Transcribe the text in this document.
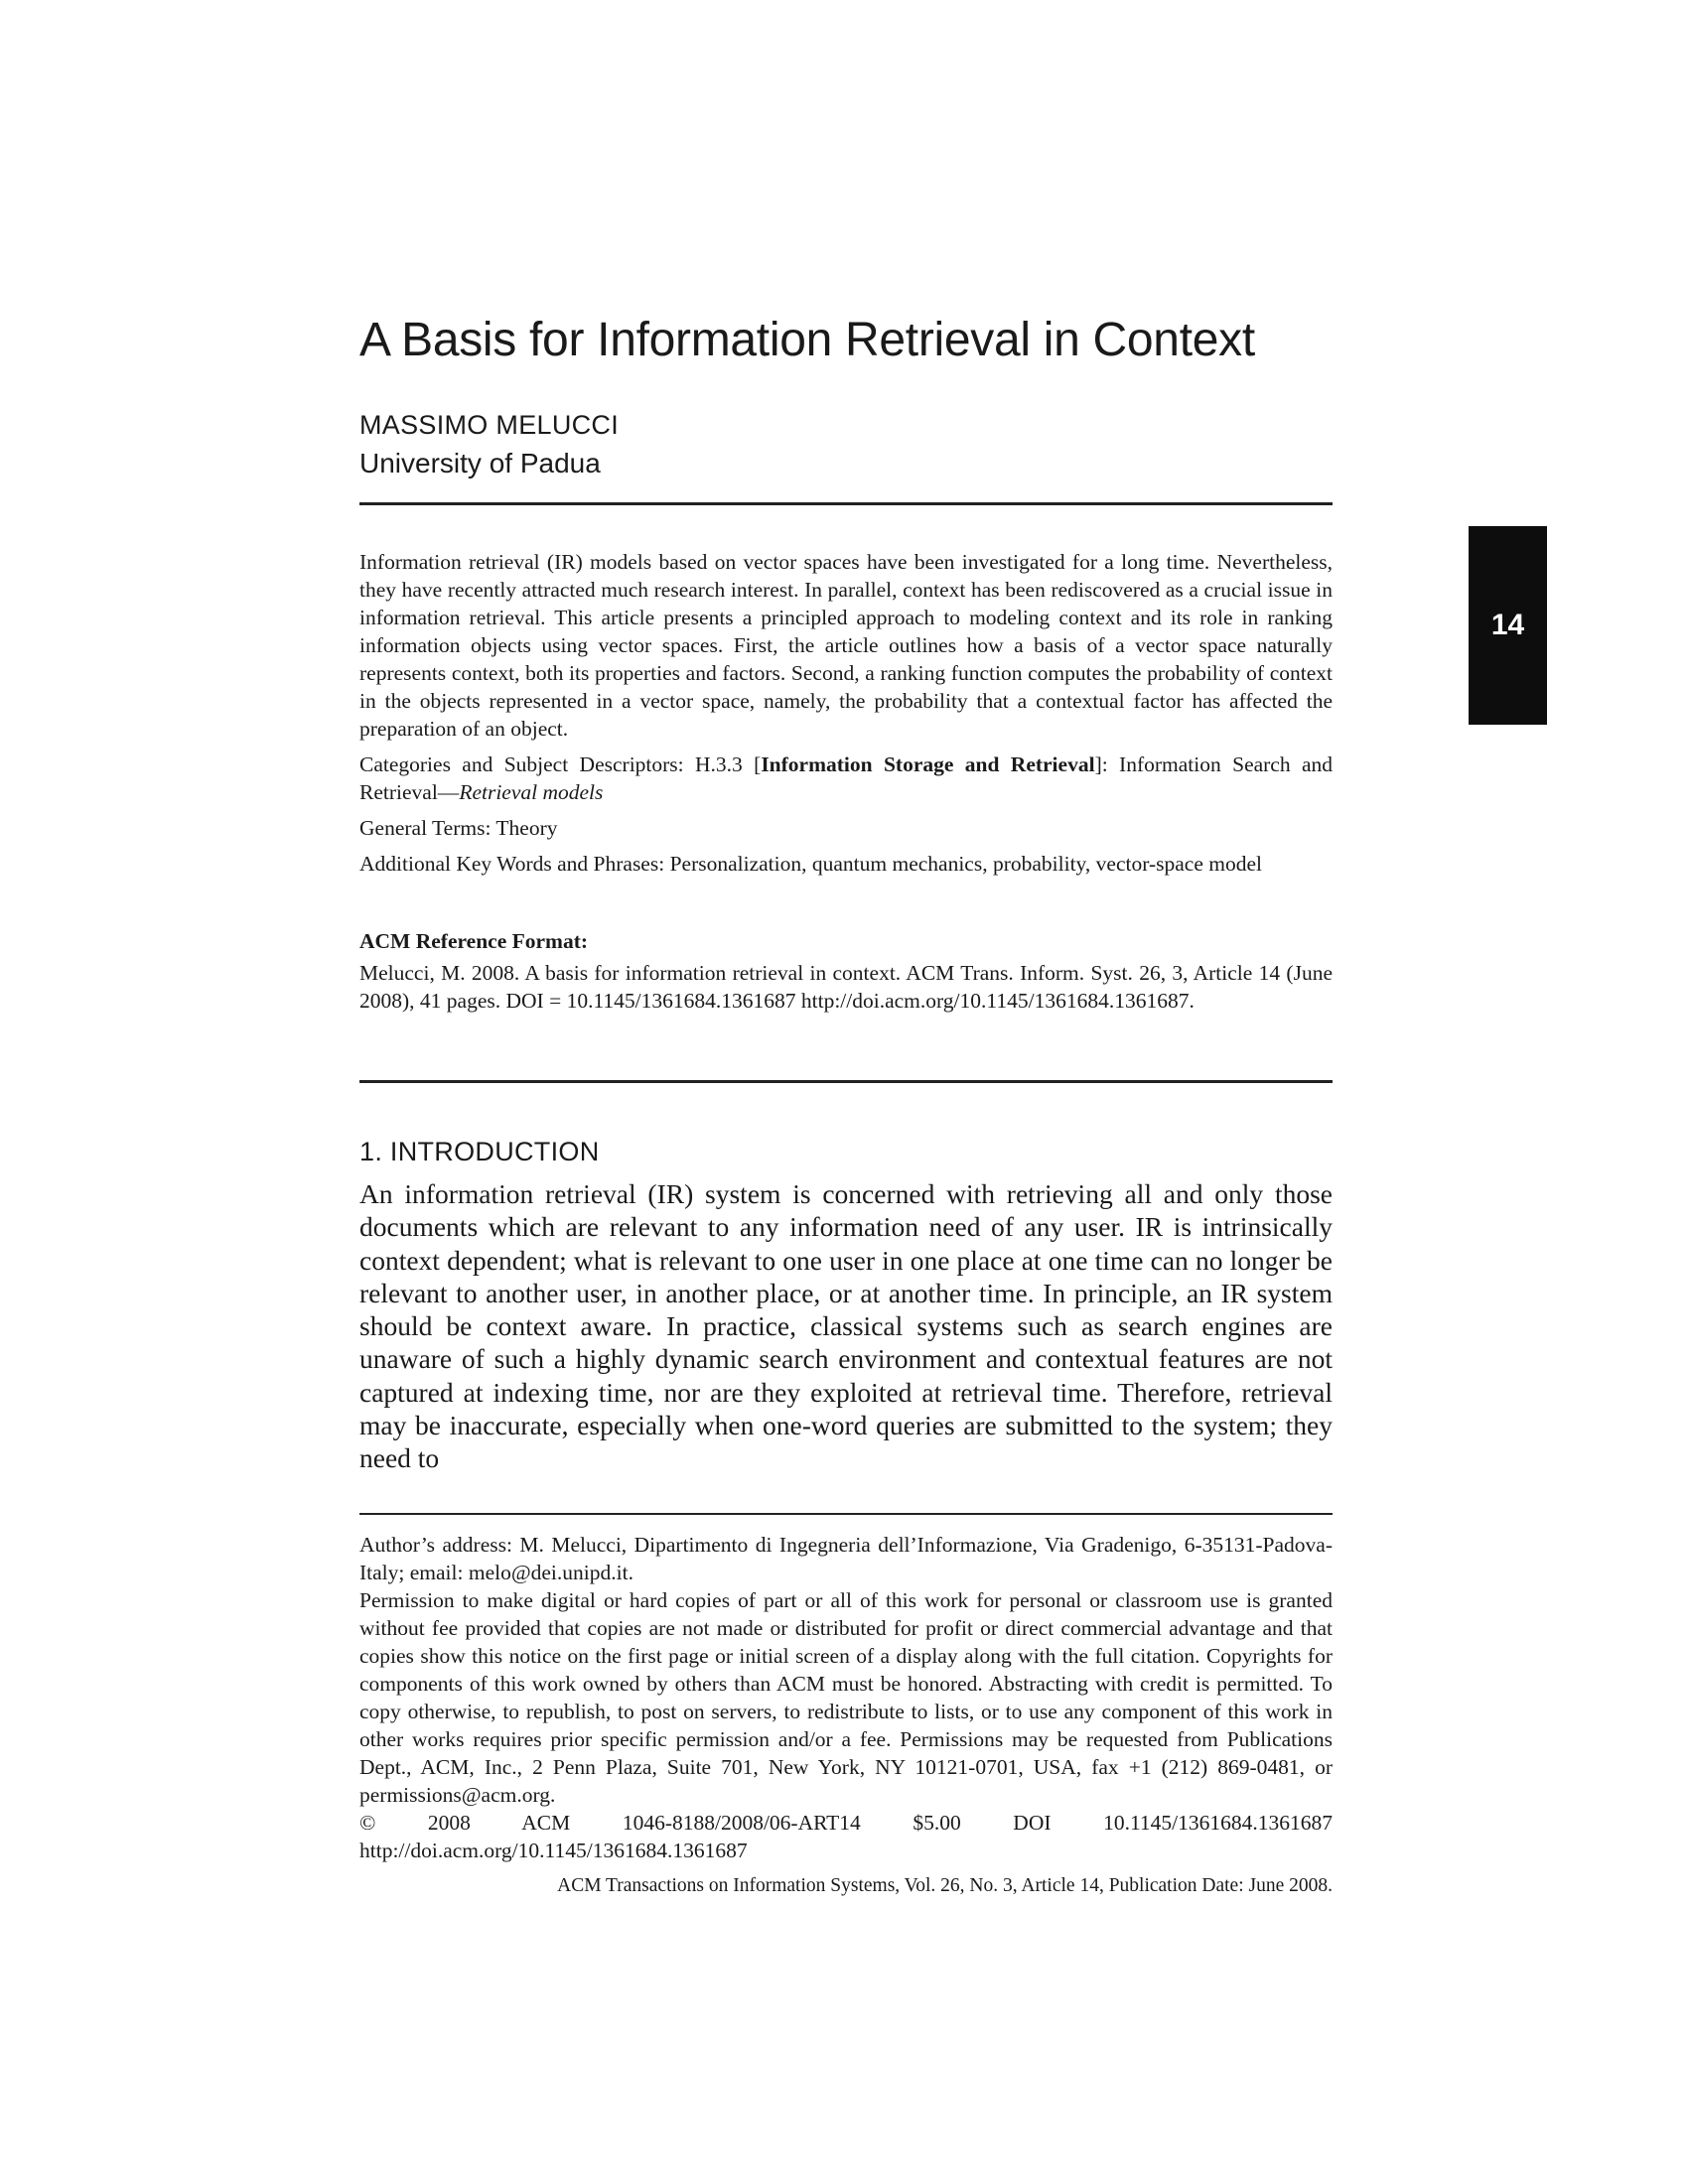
A Basis for Information Retrieval in Context
MASSIMO MELUCCI
University of Padua
14

Information retrieval (IR) models based on vector spaces have been investigated for a long time. Nevertheless, they have recently attracted much research interest. In parallel, context has been rediscovered as a crucial issue in information retrieval. This article presents a principled approach to modeling context and its role in ranking information objects using vector spaces. First, the article outlines how a basis of a vector space naturally represents context, both its properties and factors. Second, a ranking function computes the probability of context in the objects represented in a vector space, namely, the probability that a contextual factor has affected the preparation of an object.

Categories and Subject Descriptors: H.3.3 [Information Storage and Retrieval]: Information Search and Retrieval—Retrieval models

General Terms: Theory

Additional Key Words and Phrases: Personalization, quantum mechanics, probability, vector-space model

ACM Reference Format:

Melucci, M. 2008. A basis for information retrieval in context. ACM Trans. Inform. Syst. 26, 3, Article 14 (June 2008), 41 pages. DOI = 10.1145/1361684.1361687 http://doi.acm.org/10.1145/1361684.1361687.

1. INTRODUCTION

An information retrieval (IR) system is concerned with retrieving all and only those documents which are relevant to any information need of any user. IR is intrinsically context dependent; what is relevant to one user in one place at one time can no longer be relevant to another user, in another place, or at another time. In principle, an IR system should be context aware. In practice, classical systems such as search engines are unaware of such a highly dynamic search environment and contextual features are not captured at indexing time, nor are they exploited at retrieval time. Therefore, retrieval may be inaccurate, especially when one-word queries are submitted to the system; they need to

Author’s address: M. Melucci, Dipartimento di Ingegneria dell’Informazione, Via Gradenigo, 6-35131-Padova-Italy; email: melo@dei.unipd.it.

Permission to make digital or hard copies of part or all of this work for personal or classroom use is granted without fee provided that copies are not made or distributed for profit or direct commercial advantage and that copies show this notice on the first page or initial screen of a display along with the full citation. Copyrights for components of this work owned by others than ACM must be honored. Abstracting with credit is permitted. To copy otherwise, to republish, to post on servers, to redistribute to lists, or to use any component of this work in other works requires prior specific permission and/or a fee. Permissions may be requested from Publications Dept., ACM, Inc., 2 Penn Plaza, Suite 701, New York, NY 10121-0701, USA, fax +1 (212) 869-0481, or permissions@acm.org.

© 2008 ACM 1046-8188/2008/06-ART14 $5.00 DOI 10.1145/1361684.1361687 http://doi.acm.org/10.1145/1361684.1361687

ACM Transactions on Information Systems, Vol. 26, No. 3, Article 14, Publication Date: June 2008.
